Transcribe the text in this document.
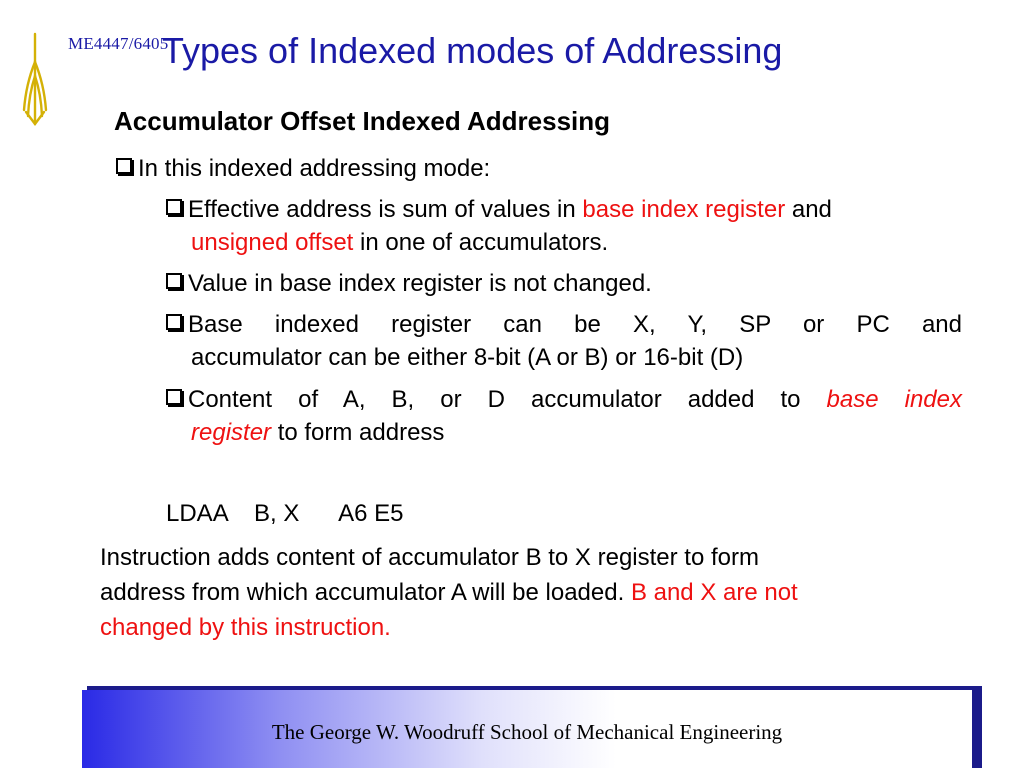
ME4447/6405
Types of Indexed modes of Addressing
Accumulator Offset Indexed Addressing
In this indexed addressing mode:
Effective address is sum of values in base index register and
unsigned offset in one of accumulators.
Value in base index register is not changed.
Base indexed register can be X, Y, SP or PC and
accumulator can be either 8-bit (A or B) or 16-bit (D)
Content of A, B, or D accumulator added to base index
register to form address
LDAA B, X A6 E5
Instruction adds content of accumulator B to X register to form
address from which accumulator A will be loaded. B and X are not
changed by this instruction.
The George W. Woodruff School of Mechanical Engineering
